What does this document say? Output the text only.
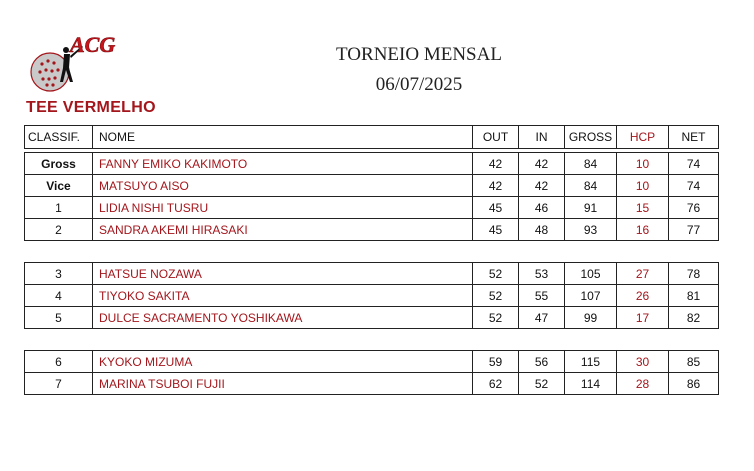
ACG	TORNEIO MENSAL
06/07/2025
TEE VERMELHO
CLASSIF.	NOME	OUT	IN	GROSS	HCP	NET

Gross	FANNY EMIKO KAKIMOTO	42	42	84	10	74
Vice	MATSUYO AISO	42	42	84	10	74
1	LIDIA NISHI TUSRU	45	46	91	15	76
2	SANDRA AKEMI HIRASAKI	45	48	93	16	77

3	HATSUE NOZAWA	52	53	105	27	78
4	TIYOKO SAKITA	52	55	107	26	81
5	DULCE SACRAMENTO YOSHIKAWA	52	47	99	17	82

6	KYOKO MIZUMA	59	56	115	30	85
7	MARINA TSUBOI FUJII	62	52	114	28	86
